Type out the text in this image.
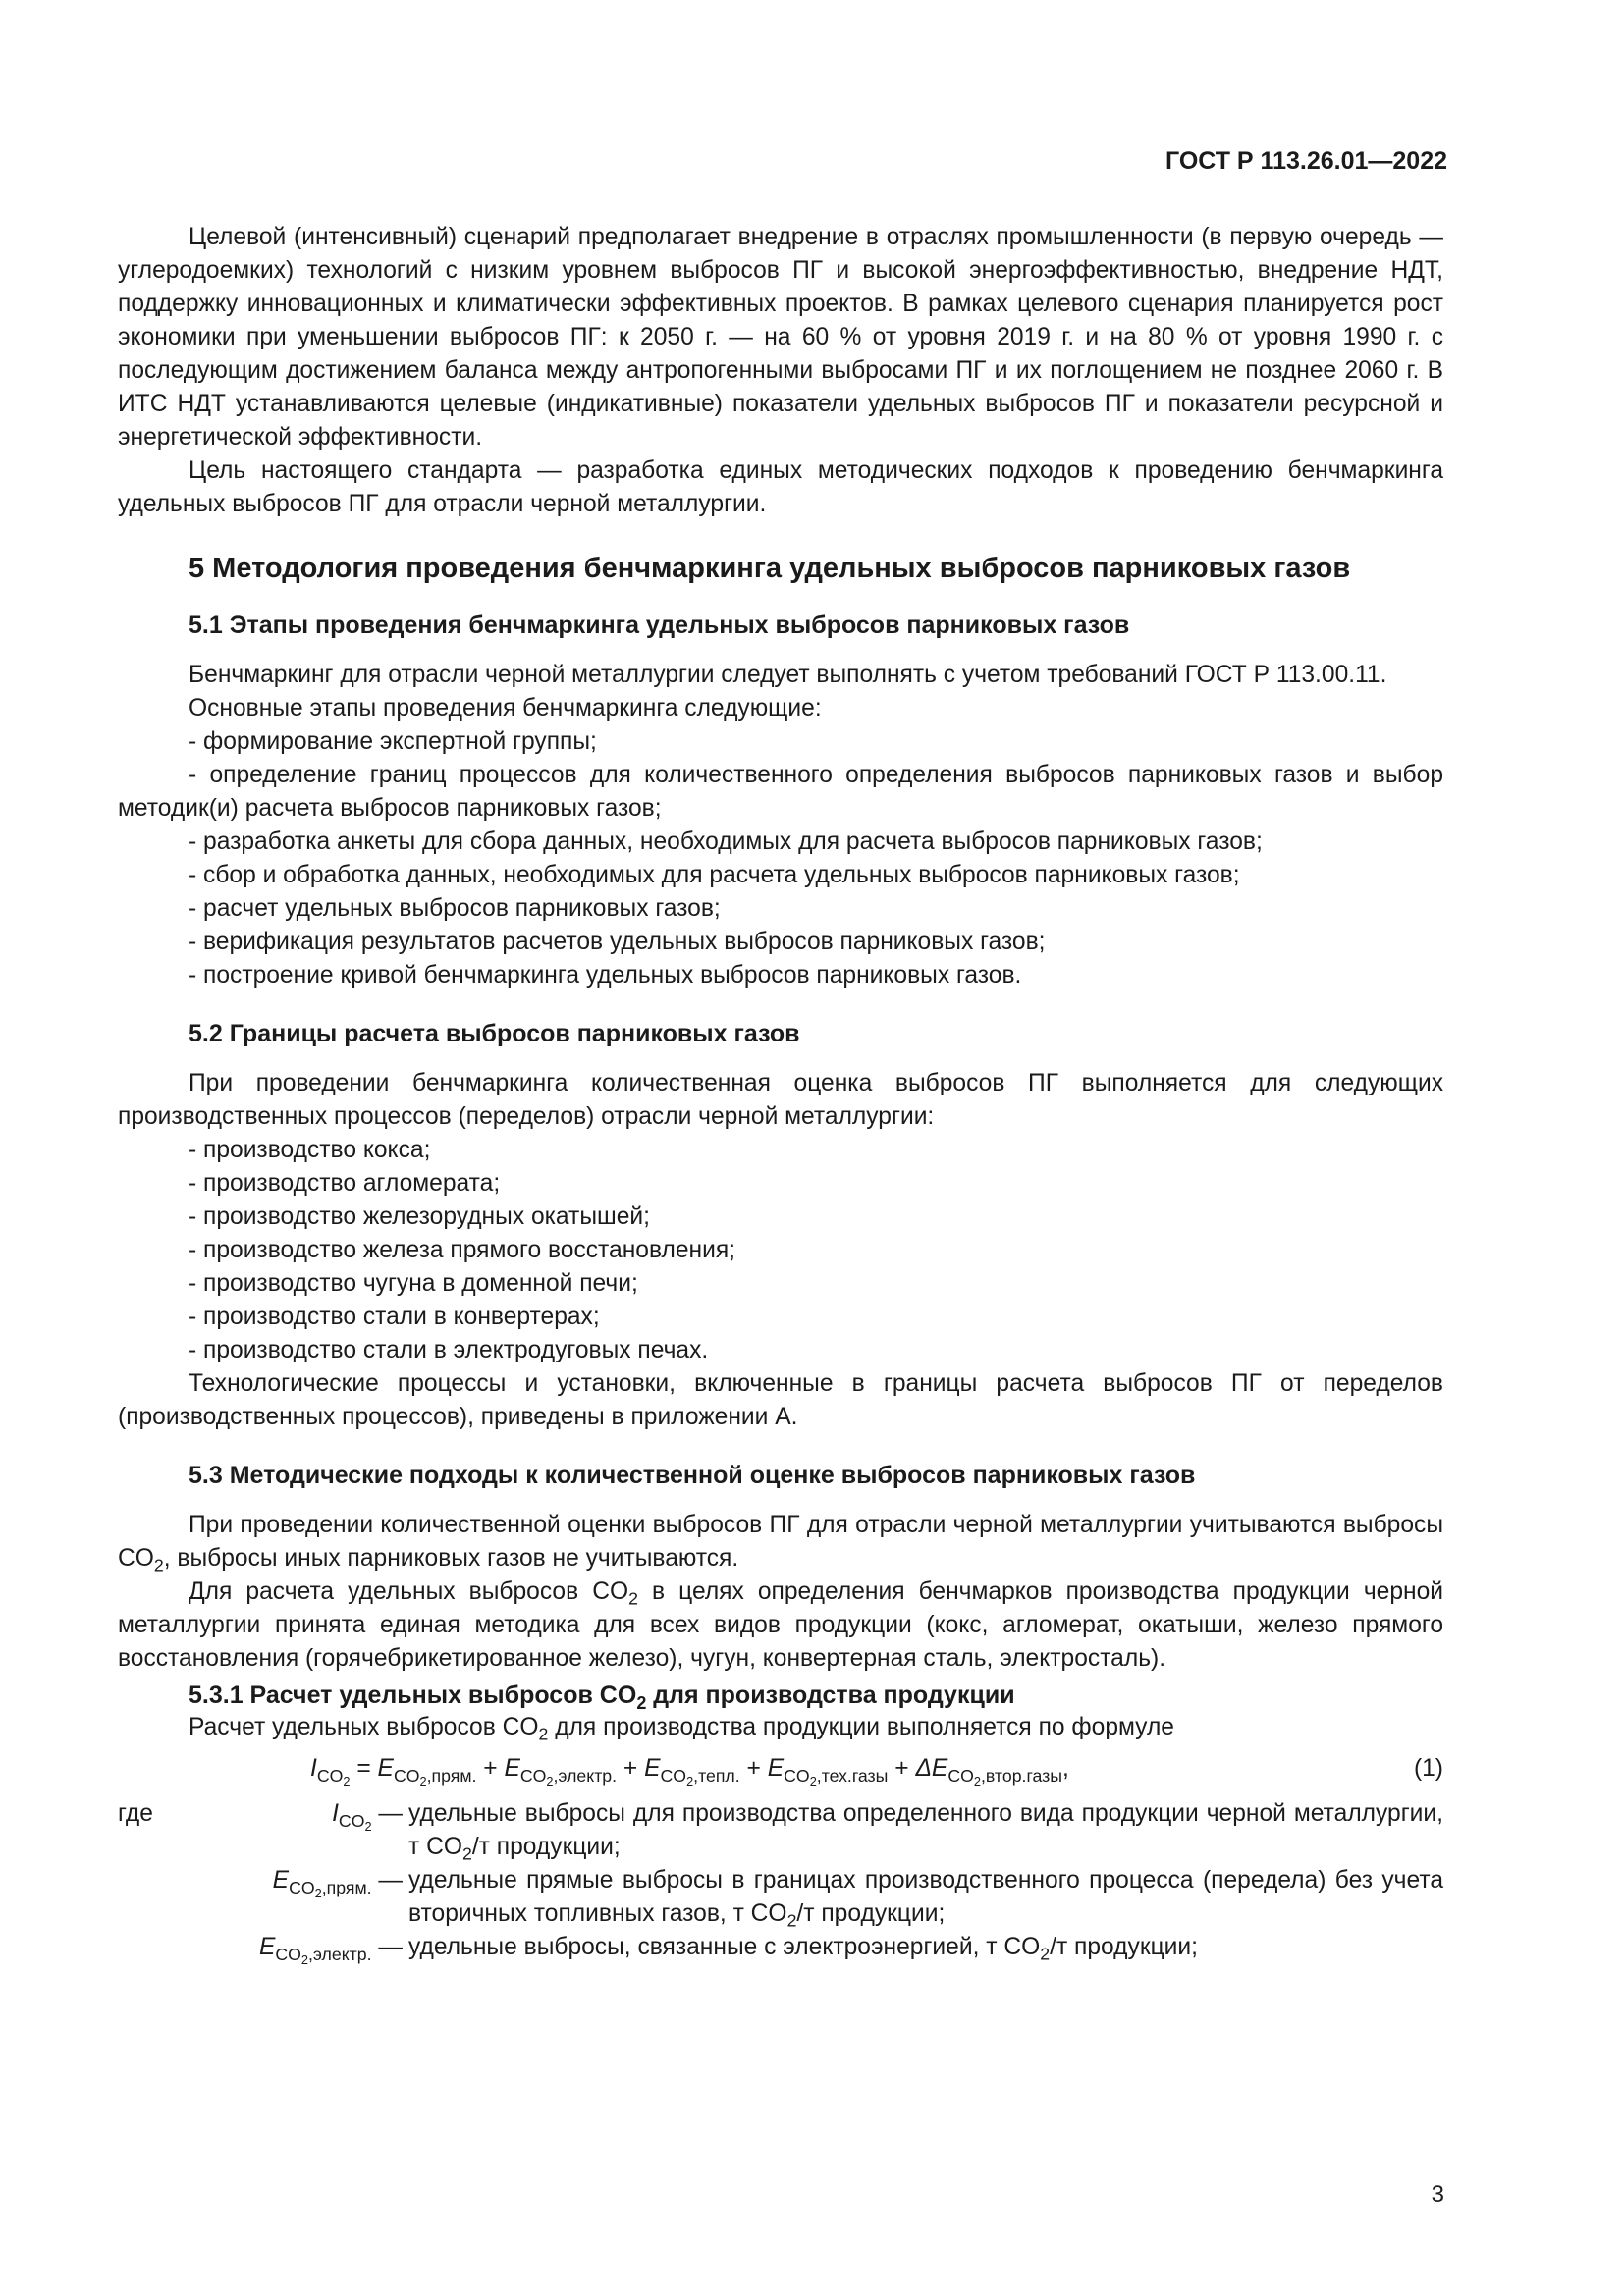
ГОСТ Р 113.26.01—2022

Целевой (интенсивный) сценарий предполагает внедрение в отраслях промышленности (в первую очередь — углеродоемких) технологий с низким уровнем выбросов ПГ и высокой энергоэффективностью, внедрение НДТ, поддержку инновационных и климатически эффективных проектов. В рамках целевого сценария планируется рост экономики при уменьшении выбросов ПГ: к 2050 г. — на 60 % от уровня 2019 г. и на 80 % от уровня 1990 г. с последующим достижением баланса между антропогенными выбросами ПГ и их поглощением не позднее 2060 г. В ИТС НДТ устанавливаются целевые (индикативные) показатели удельных выбросов ПГ и показатели ресурсной и энергетической эффективности.

Цель настоящего стандарта — разработка единых методических подходов к проведению бенчмаркинга удельных выбросов ПГ для отрасли черной металлургии.

5 Методология проведения бенчмаркинга удельных выбросов парниковых газов
5.1 Этапы проведения бенчмаркинга удельных выбросов парниковых газов

Бенчмаркинг для отрасли черной металлургии следует выполнять с учетом требований ГОСТ Р 113.00.11.

Основные этапы проведения бенчмаркинга следующие:

- формирование экспертной группы;

- определение границ процессов для количественного определения выбросов парниковых газов и выбор методик(и) расчета выбросов парниковых газов;

- разработка анкеты для сбора данных, необходимых для расчета выбросов парниковых газов;

- сбор и обработка данных, необходимых для расчета удельных выбросов парниковых газов;

- расчет удельных выбросов парниковых газов;

- верификация результатов расчетов удельных выбросов парниковых газов;

- построение кривой бенчмаркинга удельных выбросов парниковых газов.

5.2 Границы расчета выбросов парниковых газов

При проведении бенчмаркинга количественная оценка выбросов ПГ выполняется для следующих производственных процессов (переделов) отрасли черной металлургии:

- производство кокса;

- производство агломерата;

- производство железорудных окатышей;

- производство железа прямого восстановления;

- производство чугуна в доменной печи;

- производство стали в конвертерах;

- производство стали в электродуговых печах.

Технологические процессы и установки, включенные в границы расчета выбросов ПГ от переделов (производственных процессов), приведены в приложении А.

5.3 Методические подходы к количественной оценке выбросов парниковых газов

При проведении количественной оценки выбросов ПГ для отрасли черной металлургии учитываются выбросы $CO_2$, выбросы иных парниковых газов не учитываются.

Для расчета удельных выбросов $CO_2$ в целях определения бенчмарков производства продукции черной металлургии принята единая методика для всех видов продукции (кокс, агломерат, окатыши, железо прямого восстановления (горячебрикетированное железо), чугун, конвертерная сталь, электросталь).

5.3.1 Расчет удельных выбросов $CO_2$ для производства продукции

Расчет удельных выбросов $CO_2$ для производства продукции выполняется по формуле

$I_{CO_2} = E_{CO_2,прям.} + E_{CO_2,электр.} + E_{CO_2,тепл.} + E_{CO_2,тех.газы} + \Delta E_{CO_2,втор.газы}$,	(1)
где	$I_{CO_2}$ — удельные выбросы для производства определенного вида продукции черной металлургии, т $CO_2/т$ продукции;
$E_{CO_2,прям.}$ — удельные прямые выбросы в границах производственного процесса (передела) без учета вторичных топливных газов, т $CO_2/т$ продукции;
$E_{CO_2,электр.}$ — удельные выбросы, связанные с электроэнергией, т $CO_2/т$ продукции;
3
